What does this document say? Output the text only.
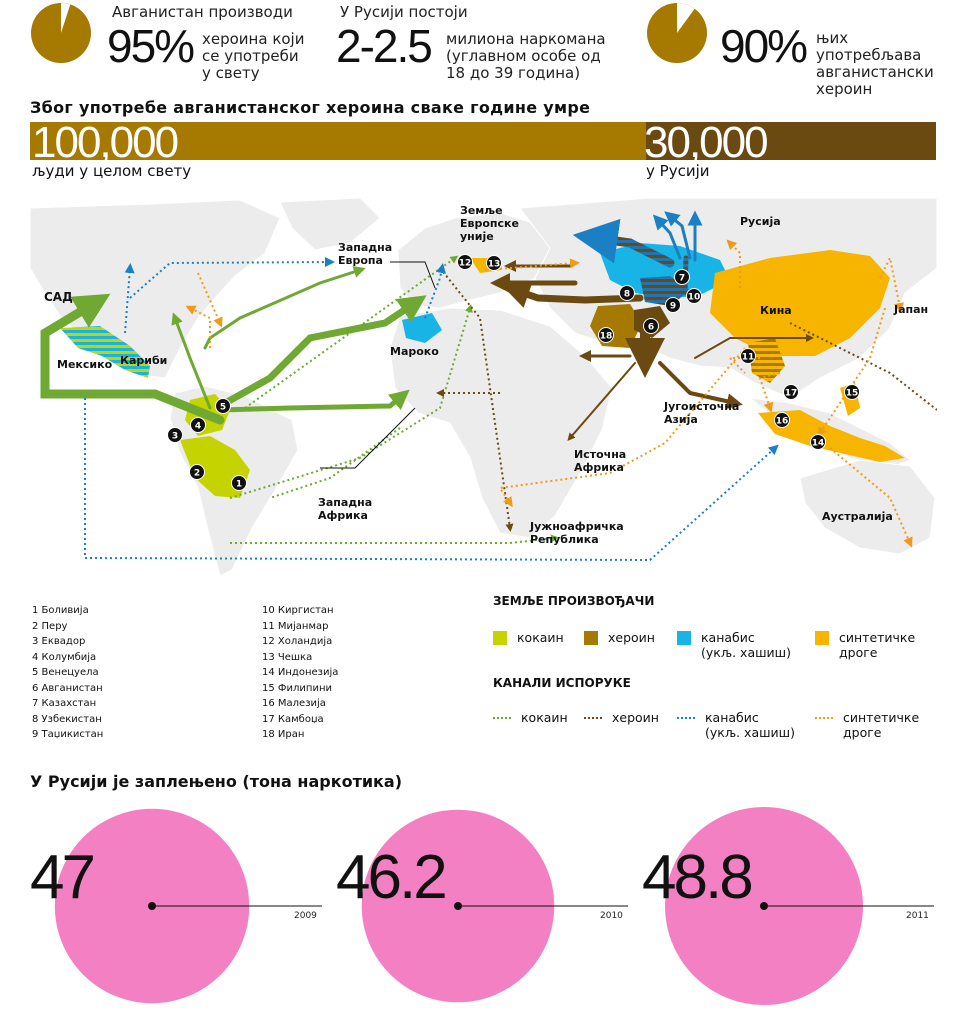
Авганистан производи
95% хероина који
се употреби
у свету
У Русији постоји
2-2.5 милиона наркомана
(углавном особе од
18 до 39 година)
90% њих
употребљава
авганистански
хероин
Због употребе авганистанског хероина сваке године умре
100,000	30,000
људи у целом свету	у Русији
1
2
3
4
5
6
7
8
9
10
11
12 13
14
15
16
17
18
САД
Мексико Кариби
Западна
Европа
Земље
Европске
уније
Русија
Кина	Јапан
Мароко
Југоисточна
Азија
Источна
Африка
Западна
Африка
Јужноафричка
Република
Аустралија
1 Боливија
2 Перу
3 Еквадор
4 Колумбија
5 Венецуела
6 Авганистан
7 Казахстан
8 Узбекистан
9 Таџикистан
10 Киргистан
11 Мијанмар
12 Холандија
13 Чешка
14 Индонезија
15 Филипини
16 Малезија
17 Камбоџа
18 Иран
ЗЕМЉЕ ПРОИЗВОЂАЧИ
кокаин	хероин	канабис
(укљ. хашиш)
синтетичке
дроге
КАНАЛИ ИСПОРУКЕ
кокаин	хероин	канабис
(укљ. хашиш)
синтетичке
дроге
У Русији је заплењено (тона наркотика)
47
2009
46.2
2010
48.8
2011
